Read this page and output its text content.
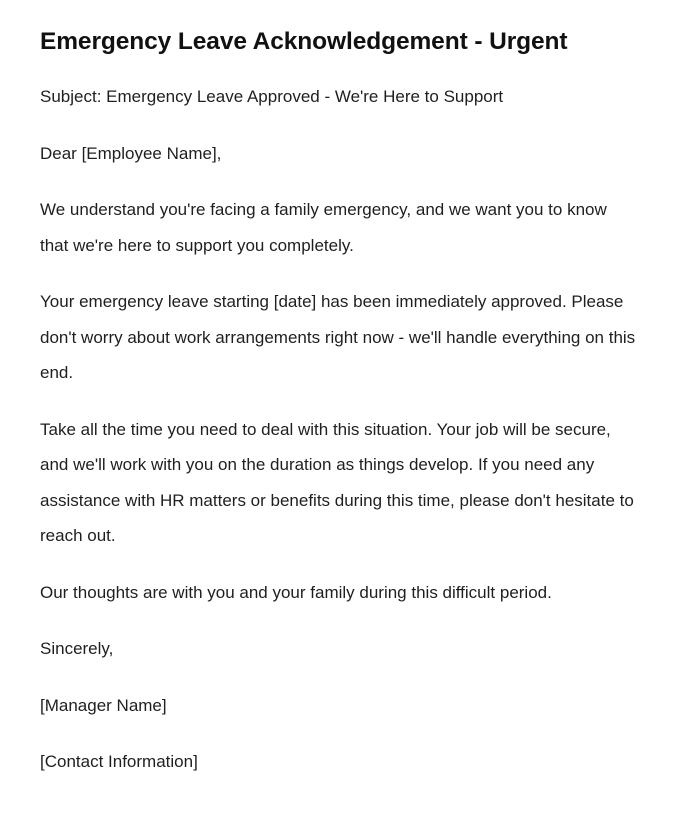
Emergency Leave Acknowledgement - Urgent

Subject: Emergency Leave Approved - We're Here to Support

Dear [Employee Name],

We understand you're facing a family emergency, and we want you to know that we're here to support you completely.

Your emergency leave starting [date] has been immediately approved. Please don't worry about work arrangements right now - we'll handle everything on this end.

Take all the time you need to deal with this situation. Your job will be secure, and we'll work with you on the duration as things develop. If you need any assistance with HR matters or benefits during this time, please don't hesitate to reach out.

Our thoughts are with you and your family during this difficult period.

Sincerely,

[Manager Name]

[Contact Information]
